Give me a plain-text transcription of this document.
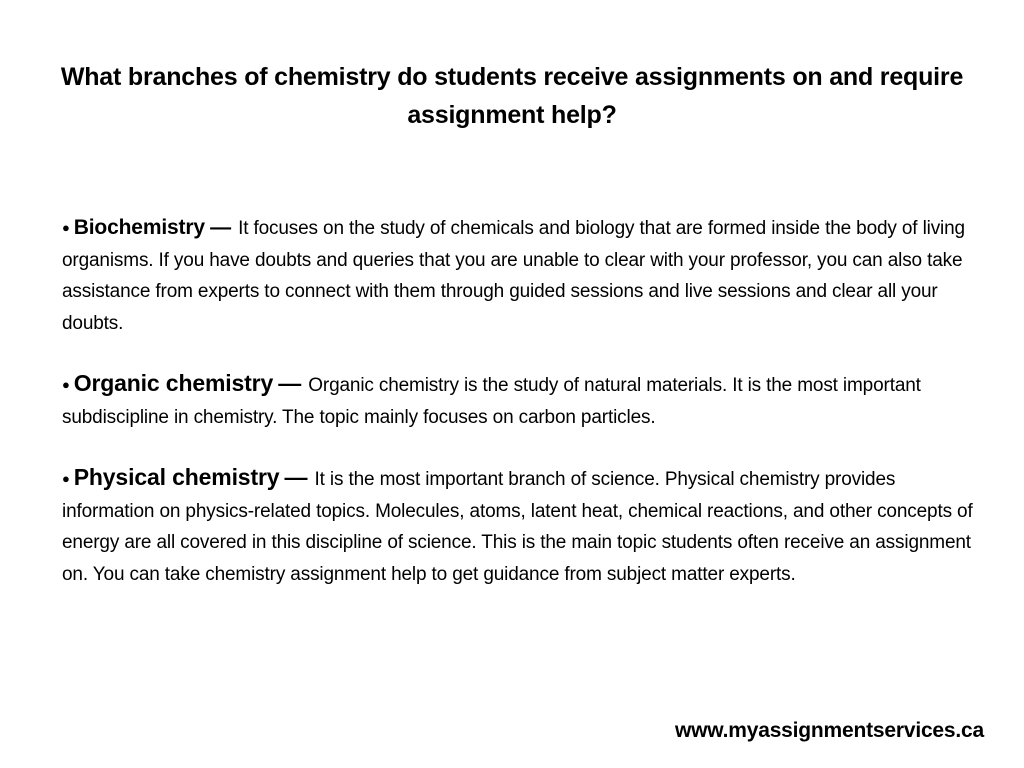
What branches of chemistry do students receive assignments on and require assignment help?
● Biochemistry — It focuses on the study of chemicals and biology that are formed inside the body of living organisms. If you have doubts and queries that you are unable to clear with your professor, you can also take assistance from experts to connect with them through guided sessions and live sessions and clear all your doubts.
● Organic chemistry — Organic chemistry is the study of natural materials. It is the most important subdiscipline in chemistry. The topic mainly focuses on carbon particles.
● Physical chemistry — It is the most important branch of science. Physical chemistry provides information on physics-related topics. Molecules, atoms, latent heat, chemical reactions, and other concepts of energy are all covered in this discipline of science. This is the main topic students often receive an assignment on. You can take chemistry assignment help to get guidance from subject matter experts.
www.myassignmentservices.ca
